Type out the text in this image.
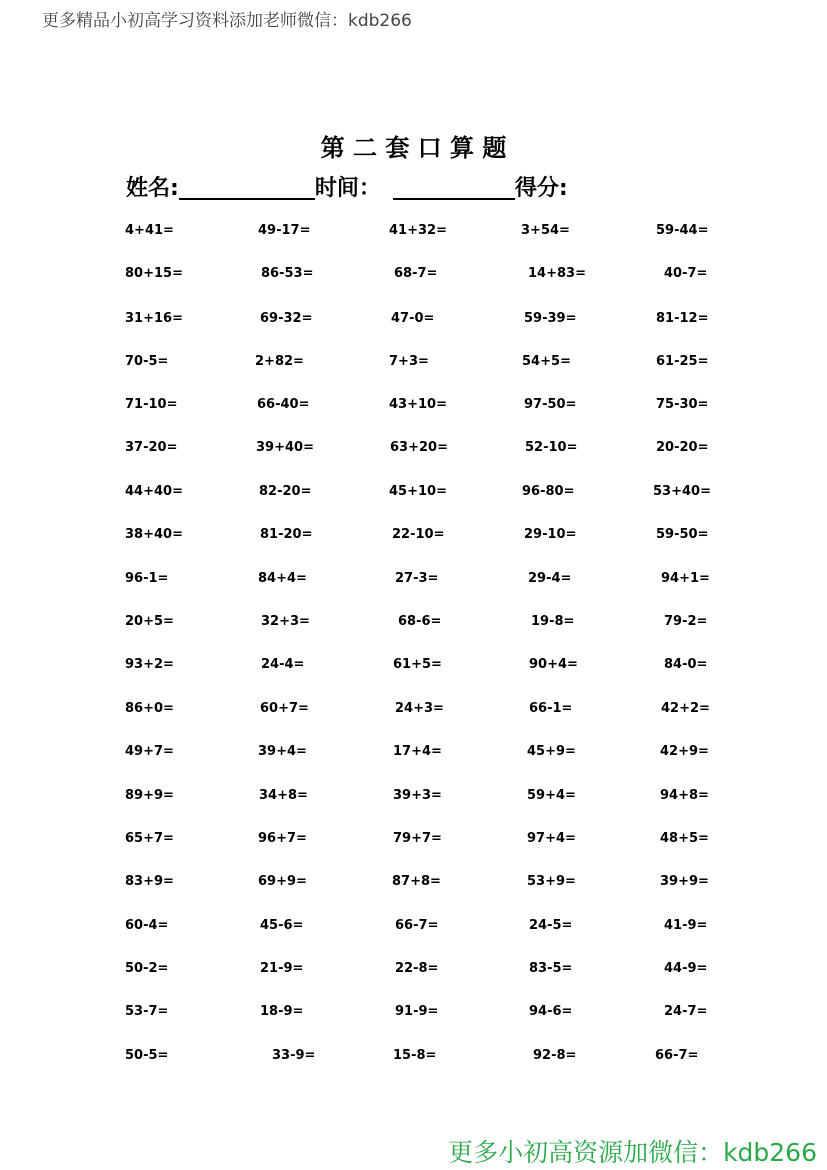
更多精品小初高学习资料添加老师微信：kdb266
第 二 套 口 算 题
姓名:	时间：	得分:
4+41=	49-17=	41+32=	3+54=	59-44=
80+15=	86-53=	68-7=	14+83=	40-7=
31+16=	69-32=	47-0=	59-39=	81-12=
70-5=	2+82=	7+3=	54+5=	61-25=
71-10=	66-40=	43+10=	97-50=	75-30=
37-20=	39+40=	63+20=	52-10=	20-20=
44+40=	82-20=	45+10=	96-80=	53+40=
38+40=	81-20=	22-10=	29-10=	59-50=
96-1=	84+4=	27-3=	29-4=	94+1=
20+5=	32+3=	68-6=	19-8=	79-2=
93+2=	24-4=	61+5=	90+4=	84-0=
86+0=	60+7=	24+3=	66-1=	42+2=
49+7=	39+4=	17+4=	45+9=	42+9=
89+9=	34+8=	39+3=	59+4=	94+8=
65+7=	96+7=	79+7=	97+4=	48+5=
83+9=	69+9=	87+8=	53+9=	39+9=
60-4=	45-6=	66-7=	24-5=	41-9=
50-2=	21-9=	22-8=	83-5=	44-9=
53-7=	18-9=	91-9=	94-6=	24-7=
50-5=	33-9=	15-8=	92-8=	66-7=
更多小初高资源加微信：kdb266
